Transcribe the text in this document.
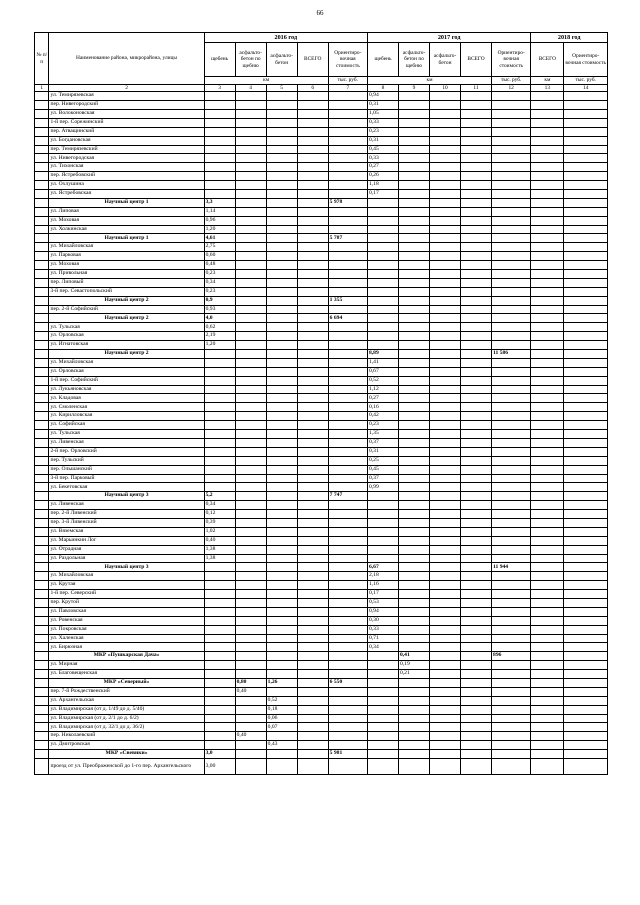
66
№ п/п	Наименование района, микрорайона, улицы	2016 год					2017 год					2018 год	
		щебень	асфальто-бетон по щебню	асфальто-бетон	ВСЕГО	Ориентиро-вочная стоимость	щебень	асфальто-бетон по щебню	асфальто-бетон	ВСЕГО	Ориентиро-вочная стоимость	ВСЕГО	Ориентиро-вочная стоимость
		км				тыс. руб.	км				тыс. руб.	км	тыс. руб.
1	2	3	4	5	6	7	8	9	10	11	12	13	14
	ул. Темирязевская						0,94						
	пер. Нивегородский						0,31						
	ул. Волоконовская						1,05						
	1-й пер. Сорежинский						0,33						
	пер. Атващинский						0,23						
	ул. Богдановская						0,31						
	пер. Темирязевский						0,45						
	ул. Нивегородская						0,33						
	ул. Тихонская						0,27						
	пер. Ястребовский						0,26						
	ул. Охлушина						1,18						
	ул. Ястребовская						0,17						
	Научный центр 1	3,3				5 978							
	ул. Липовая	1,14											
	ул. Моховая	0,96											
	ул. Холкинская	1,20											
	Научный центр 1	4,61				5 787							
	ул. Михайловская	2,75											
	ул. Парковая	0,60											
	ул. Моховая	0,48											
	ул. Привольная	0,23											
	пер. Липовый	0,34											
	3-й пер. Севастопольский	0,23											
	Научный центр 2	0,9				1 355							
	пер. 2-й Софийский	0,93											
	Научный центр 2	4,0				6 694							
	ул. Тульская	0,62											
	ул. Орловская	2,19											
	ул. Игнатовская	1,20											
	Научный центр 2						8,89				11 586		
	ул. Михайловская						1,41						
	ул. Орловская						0,67						
	1-й пер. Софийский						0,52						
	ул. Лукьяновская						1,12						
	ул. Кладовая						0,27						
	ул. Смоленская						0,16						
	ул. Кирилловская						0,42						
	ул. Софийская						0,23						
	ул. Тульская						1,35						
	ул. Ливенская						0,37						
	2-й пер. Орловский						0,31						
	пер. Тульский						0,25						
	пер. Ольшанский						0,45						
	3-й пер. Парковый						0,37						
	ул. Бекетовская						0,99						
	Научный центр 3	5,2				7 747							
	ул. Ливенская	0,34											
	пер. 2-й Ливенский	0,12											
	пер. 3-й Ливенский	0,39											
	ул. Вяземская	1,02											
	ул. Марьинкин Лог	0,40											
	ул. Отрадная	1,38											
	ул. Раздольная	1,38											
	Научный центр 3						6,67				11 944		
	ул. Михайловская						2,18						
	ул. Крутая						1,16						
	1-й пер. Северский						0,17						
	пер. Крутой						0,53						
	ул. Павловская						0,94						
	ул. Ровенская						0,30						
	ул. Покровская						0,33						
	ул. Халенская						0,71						
	ул. Бирюзная						0,34						
	МКР «Пушкарская Дача»							0,41			896		
	ул. Мирная							0,19					
	ул. Благовещенская							0,21					
	МКР «Северный»		0,80	1,26		6 550							
	пер. 7-й Рождественский		0,40										
	ул. Архангельская			0,52									
	ул. Владимирская (от д. 1/49 до д. 5/40)			0,18									
	ул. Владимирская (от д. 2/1 до д. 6/2)			0,06									
	ул. Владимирская (от д. 32/1 до д. 36/2)			0,07									
	пер. Николаевский		0,40										
	ул. Дмитровская			0,43									
	МКР «Свевики»	3,0				5 981							
	проезд от ул. Преображенской до 1-го пер. Архангельского	3,00											
